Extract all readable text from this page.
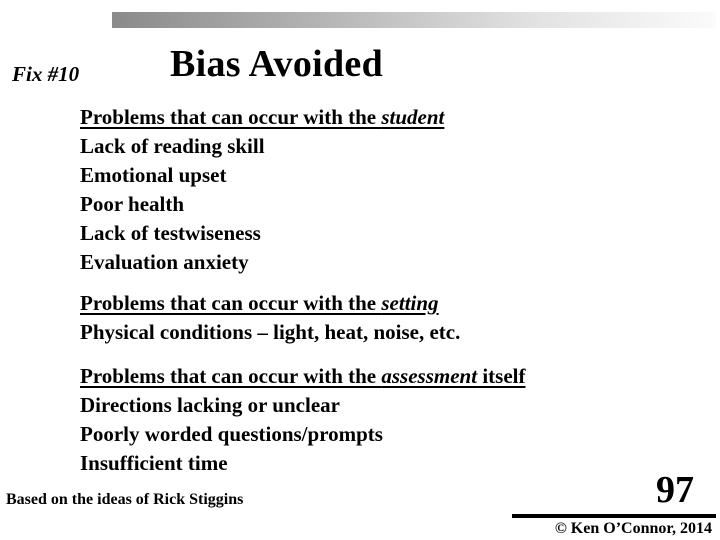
Fix #10 Bias Avoided
Problems that can occur with the student
Lack of reading skill
Emotional upset
Poor health
Lack of testwiseness
Evaluation anxiety
Problems that can occur with the setting
Physical conditions – light, heat, noise, etc.
Problems that can occur with the assessment itself
Directions lacking or unclear
Poorly worded questions/prompts
Insufficient time
Based on the ideas of Rick Stiggins	97
© Ken O’Connor, 2014
